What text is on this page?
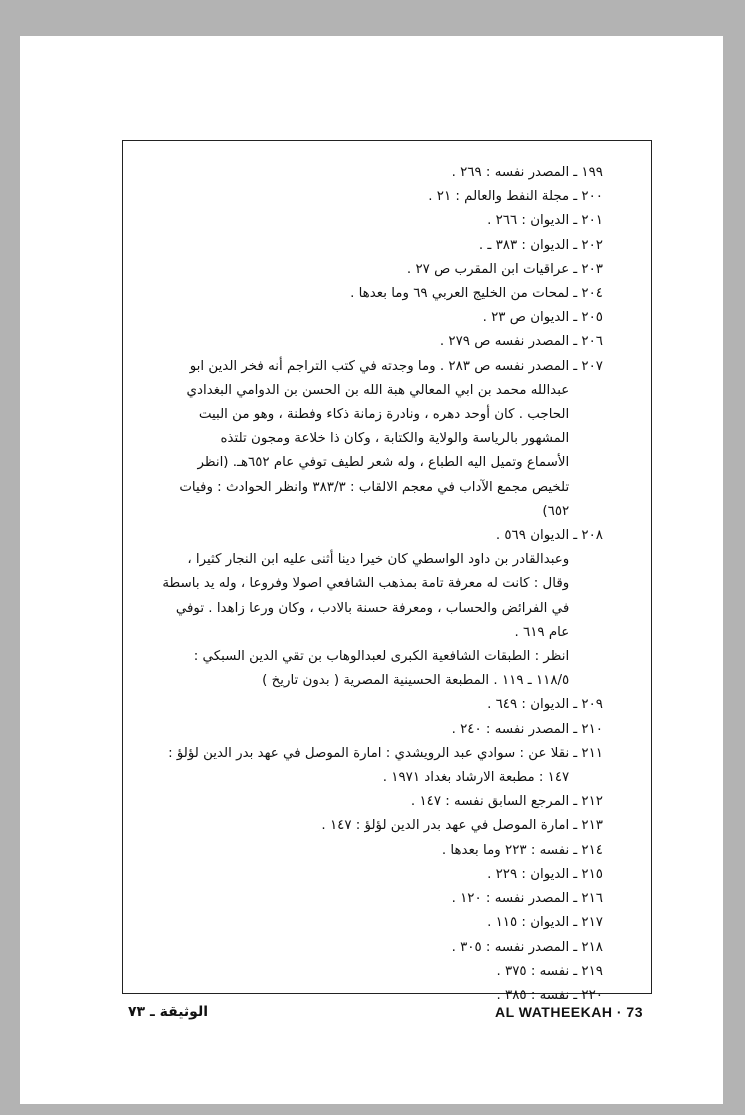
١٩٩ ـ
المصدر نفسه : ٢٦٩ .
٢٠٠ ـ
مجلة النفط والعالم : ٢١ .
٢٠١ ـ
الديوان : ٢٦٦ .
٢٠٢ ـ
الديوان : ٣٨٣ ـ .
٢٠٣ ـ
عراقيات ابن المقرب ص ٢٧ .
٢٠٤ ـ
لمحات من الخليج العربي ٦٩ وما بعدها .
٢٠٥ ـ
الديوان ص ٢٣ .
٢٠٦ ـ
المصدر نفسه ص ٢٧٩ .
٢٠٧ ـ
المصدر نفسه ص ٢٨٣ . وما وجدته في كتب التراجم أنه فخر الدين ابو
عبدالله محمد بن ابي المعالي هبة الله بن الحسن بن الدوامي البغدادي
الحاجب . كان أوحد دهره ، ونادرة زمانة ذكاء وفطنة ، وهو من البيت
المشهور بالرياسة والولاية والكتابة ، وكان ذا خلاعة ومجون تلتذه
الأسماع وتميل اليه الطباع ، وله شعر لطيف توفي عام ٦٥٢هـ. (انظر
تلخيص مجمع الآداب في معجم الالقاب : ٣٨٣/٣ وانظر الحوادث : وفيات
٦٥٢)
٢٠٨ ـ
الديوان ٥٦٩ .
وعبدالقادر بن داود الواسطي كان خيرا دينا أثنى عليه ابن النجار كثيرا ،
وقال : كانت له معرفة تامة بمذهب الشافعي اصولا وفروعا ، وله يد باسطة
في الفرائض والحساب ، ومعرفة حسنة بالادب ، وكان ورعا زاهدا . توفي
عام ٦١٩ .
انظر : الطبقات الشافعية الكبرى لعبدالوهاب بن تقي الدين السبكي :
١١٨/٥ ـ ١١٩ . المطبعة الحسينية المصرية ( بدون تاريخ )
٢٠٩ ـ
الديوان : ٦٤٩ .
٢١٠ ـ
المصدر نفسه : ٢٤٠ .
٢١١ ـ
نقلا عن : سوادي عبد الرويشدي : امارة الموصل في عهد بدر الدين لؤلؤ :
١٤٧ : مطبعة الارشاد بغداد ١٩٧١ .
٢١٢ ـ
المرجع السابق نفسه : ١٤٧ .
٢١٣ ـ
امارة الموصل في عهد بدر الدين لؤلؤ : ١٤٧ .
٢١٤ ـ
نفسه : ٢٢٣ وما بعدها .
٢١٥ ـ
الديوان : ٢٢٩ .
٢١٦ ـ
المصدر نفسه : ١٢٠ .
٢١٧ ـ
الديوان : ١١٥ .
٢١٨ ـ
المصدر نفسه : ٣٠٥ .
٢١٩ ـ
نفسه : ٣٧٥ .
٢٢٠ ـ
نفسه : ٣٨٥ .
الوثيقة ـ ٧٣	AL WATHEEKAH · 73
